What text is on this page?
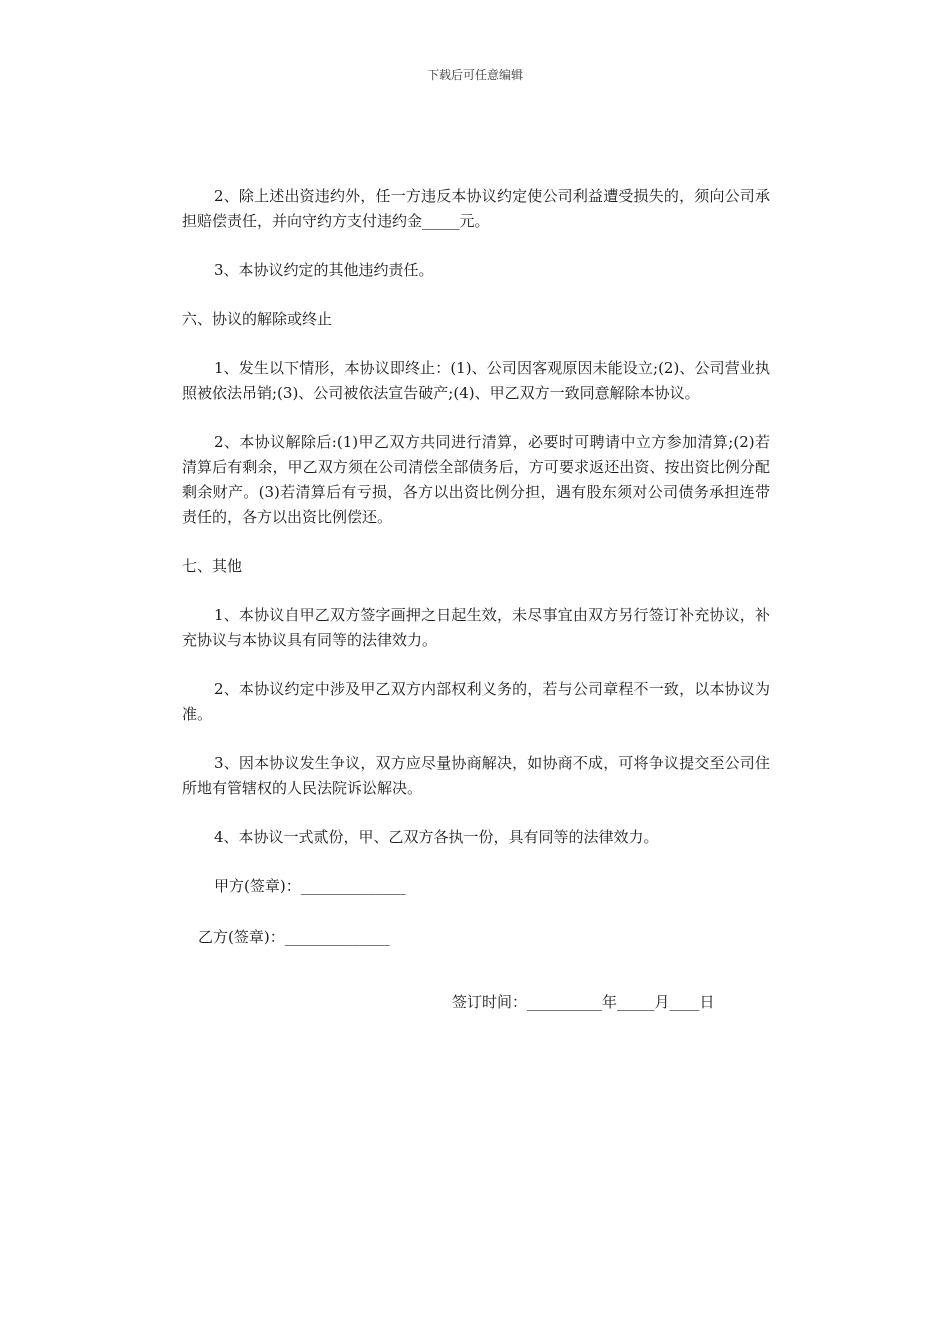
下载后可任意编辑

2、除上述出资违约外，任一方违反本协议约定使公司利益遭受损失的，须向公司承担赔偿责任，并向守约方支付违约金_____元。

3、本协议约定的其他违约责任。

六、协议的解除或终止

1、发生以下情形，本协议即终止：(1)、公司因客观原因未能设立;(2)、公司营业执照被依法吊销;(3)、公司被依法宣告破产;(4)、甲乙双方一致同意解除本协议。

2、本协议解除后:(1)甲乙双方共同进行清算，必要时可聘请中立方参加清算;(2)若清算后有剩余，甲乙双方须在公司清偿全部债务后，方可要求返还出资、按出资比例分配剩余财产。(3)若清算后有亏损，各方以出资比例分担，遇有股东须对公司债务承担连带责任的，各方以出资比例偿还。

七、其他

1、本协议自甲乙双方签字画押之日起生效，未尽事宜由双方另行签订补充协议，补充协议与本协议具有同等的法律效力。

2、本协议约定中涉及甲乙双方内部权利义务的，若与公司章程不一致，以本协议为准。

3、因本协议发生争议，双方应尽量协商解决，如协商不成，可将争议提交至公司住所地有管辖权的人民法院诉讼解决。

4、本协议一式贰份，甲、乙双方各执一份，具有同等的法律效力。

甲方(签章)：______________
乙方(签章)：______________
签订时间：__________年_____月____日
